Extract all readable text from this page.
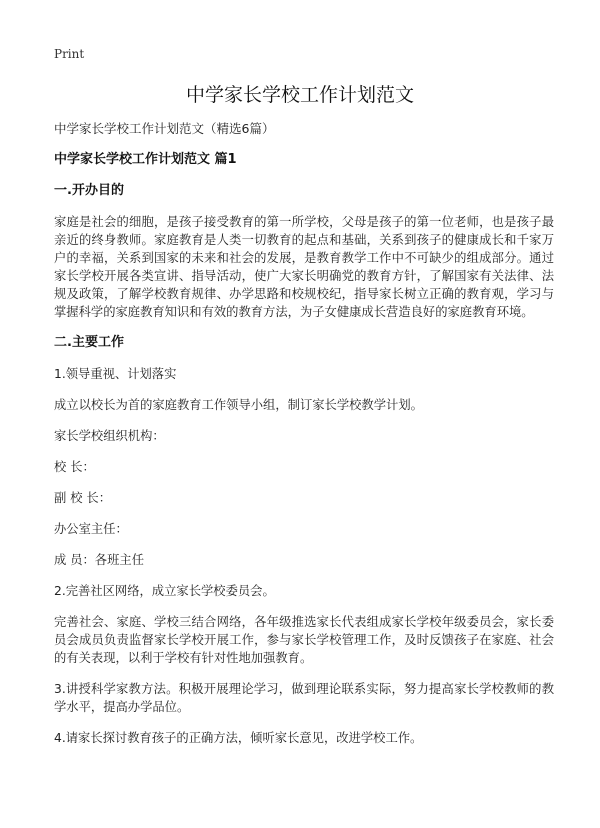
Print
中学家长学校工作计划范文

中学家长学校工作计划范文（精选6篇）

中学家长学校工作计划范文 篇1

一.开办目的

家庭是社会的细胞，是孩子接受教育的第一所学校，父母是孩子的第一位老师，也是孩子最亲近的终身教师。家庭教育是人类一切教育的起点和基础，关系到孩子的健康成长和千家万户的幸福，关系到国家的未来和社会的发展，是教育教学工作中不可缺少的组成部分。通过家长学校开展各类宣讲、指导活动，使广大家长明确党的教育方针，了解国家有关法律、法规及政策，了解学校教育规律、办学思路和校规校纪，指导家长树立正确的教育观，学习与掌握科学的家庭教育知识和有效的教育方法，为子女健康成长营造良好的家庭教育环境。

二.主要工作

1.领导重视、计划落实

成立以校长为首的家庭教育工作领导小组，制订家长学校教学计划。

家长学校组织机构：

校 长：

副 校 长：

办公室主任：

成 员：各班主任

2.完善社区网络，成立家长学校委员会。

完善社会、家庭、学校三结合网络，各年级推选家长代表组成家长学校年级委员会，家长委员会成员负责监督家长学校开展工作，参与家长学校管理工作，及时反馈孩子在家庭、社会的有关表现，以利于学校有针对性地加强教育。

3.讲授科学家教方法。积极开展理论学习，做到理论联系实际，努力提高家长学校教师的教学水平，提高办学品位。

4.请家长探讨教育孩子的正确方法，倾听家长意见，改进学校工作。
